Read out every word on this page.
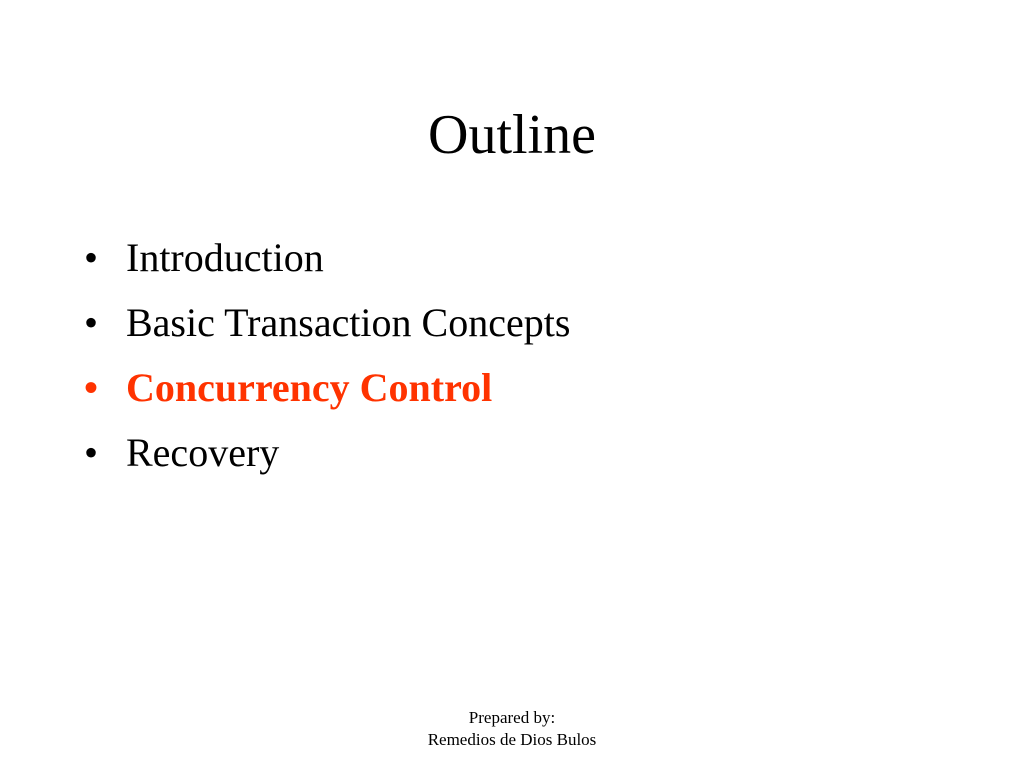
Outline
• Introduction
• Basic Transaction Concepts
• Concurrency Control
• Recovery
Prepared by:
Remedios de Dios Bulos
